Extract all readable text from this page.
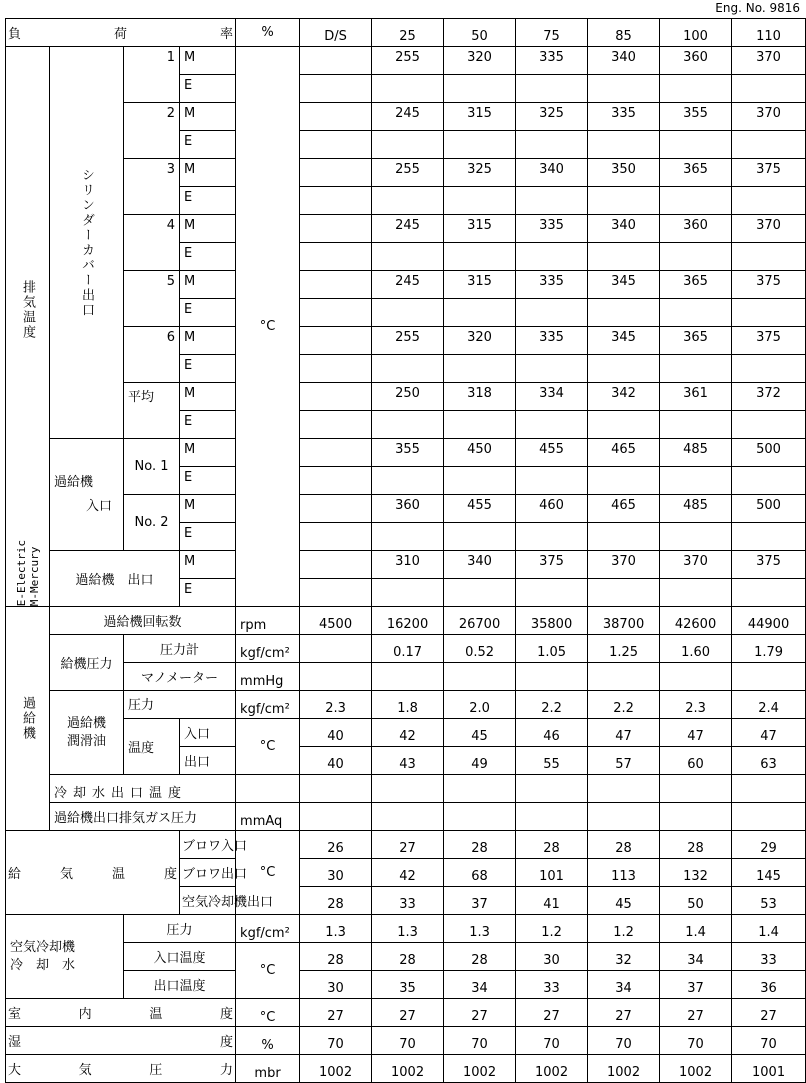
Eng. No. 9816
負 荷 率				%	D/S	25	50	75	85	100	110

排気温度
E-Electric
M-Mercury	シリンダーカバー出口	1	M	°C		255	320	335	340	360	370
			E								
		2	M			245	315	325	335	355	370
			E								
		3	M			255	325	340	350	365	375
			E								
		4	M			245	315	335	340	360	370
			E								
		5	M			245	315	335	345	365	375
			E								
		6	M			255	320	335	345	365	375
			E								
		平均	M			250	318	334	342	361	372
			E								

	過給機
入口	No. 1	M			355	450	455	465	485	500
			E								
		No. 2	M			360	455	460	465	485	500
			E								
	過給機　出口		M			310	340	375	370	370	375
			E								
過給機	過給機回転数			rpm	4500	16200	26700	35800	38700	42600	44900
	給機圧力	圧力計		kgf/cm²		0.17	0.52	1.05	1.25	1.60	1.79
		マノメーター		mmHg							

	過給機
潤滑油	圧力		kgf/cm²	2.3	1.8	2.0	2.2	2.2	2.3	2.4
		温度	入口	°C	40	42	45	46	47	47	47
			出口		40	43	49	55	57	60	63
	冷却水出口温度										
	過給機出口排気ガス圧力			mmAq							

給 気 温 度			ブロワ入口	°C	26	27	28	28	28	28	29
			ブロワ出口		30	42	68	101	113	132	145
			空気冷却機出口		28	33	37	41	45	50	53

空気冷却機
冷　却　水		圧力		kgf/cm²	1.3	1.3	1.3	1.2	1.2	1.4	1.4
		入口温度		°C	28	28	28	30	32	34	33
		出口温度			30	35	34	33	34	37	36

室 内 温 度				°C	27	27	27	27	27	27	27

湿 度				%	70	70	70	70	70	70	70

大 気 圧 力				mbr	1002	1002	1002	1002	1002	1002	1001
